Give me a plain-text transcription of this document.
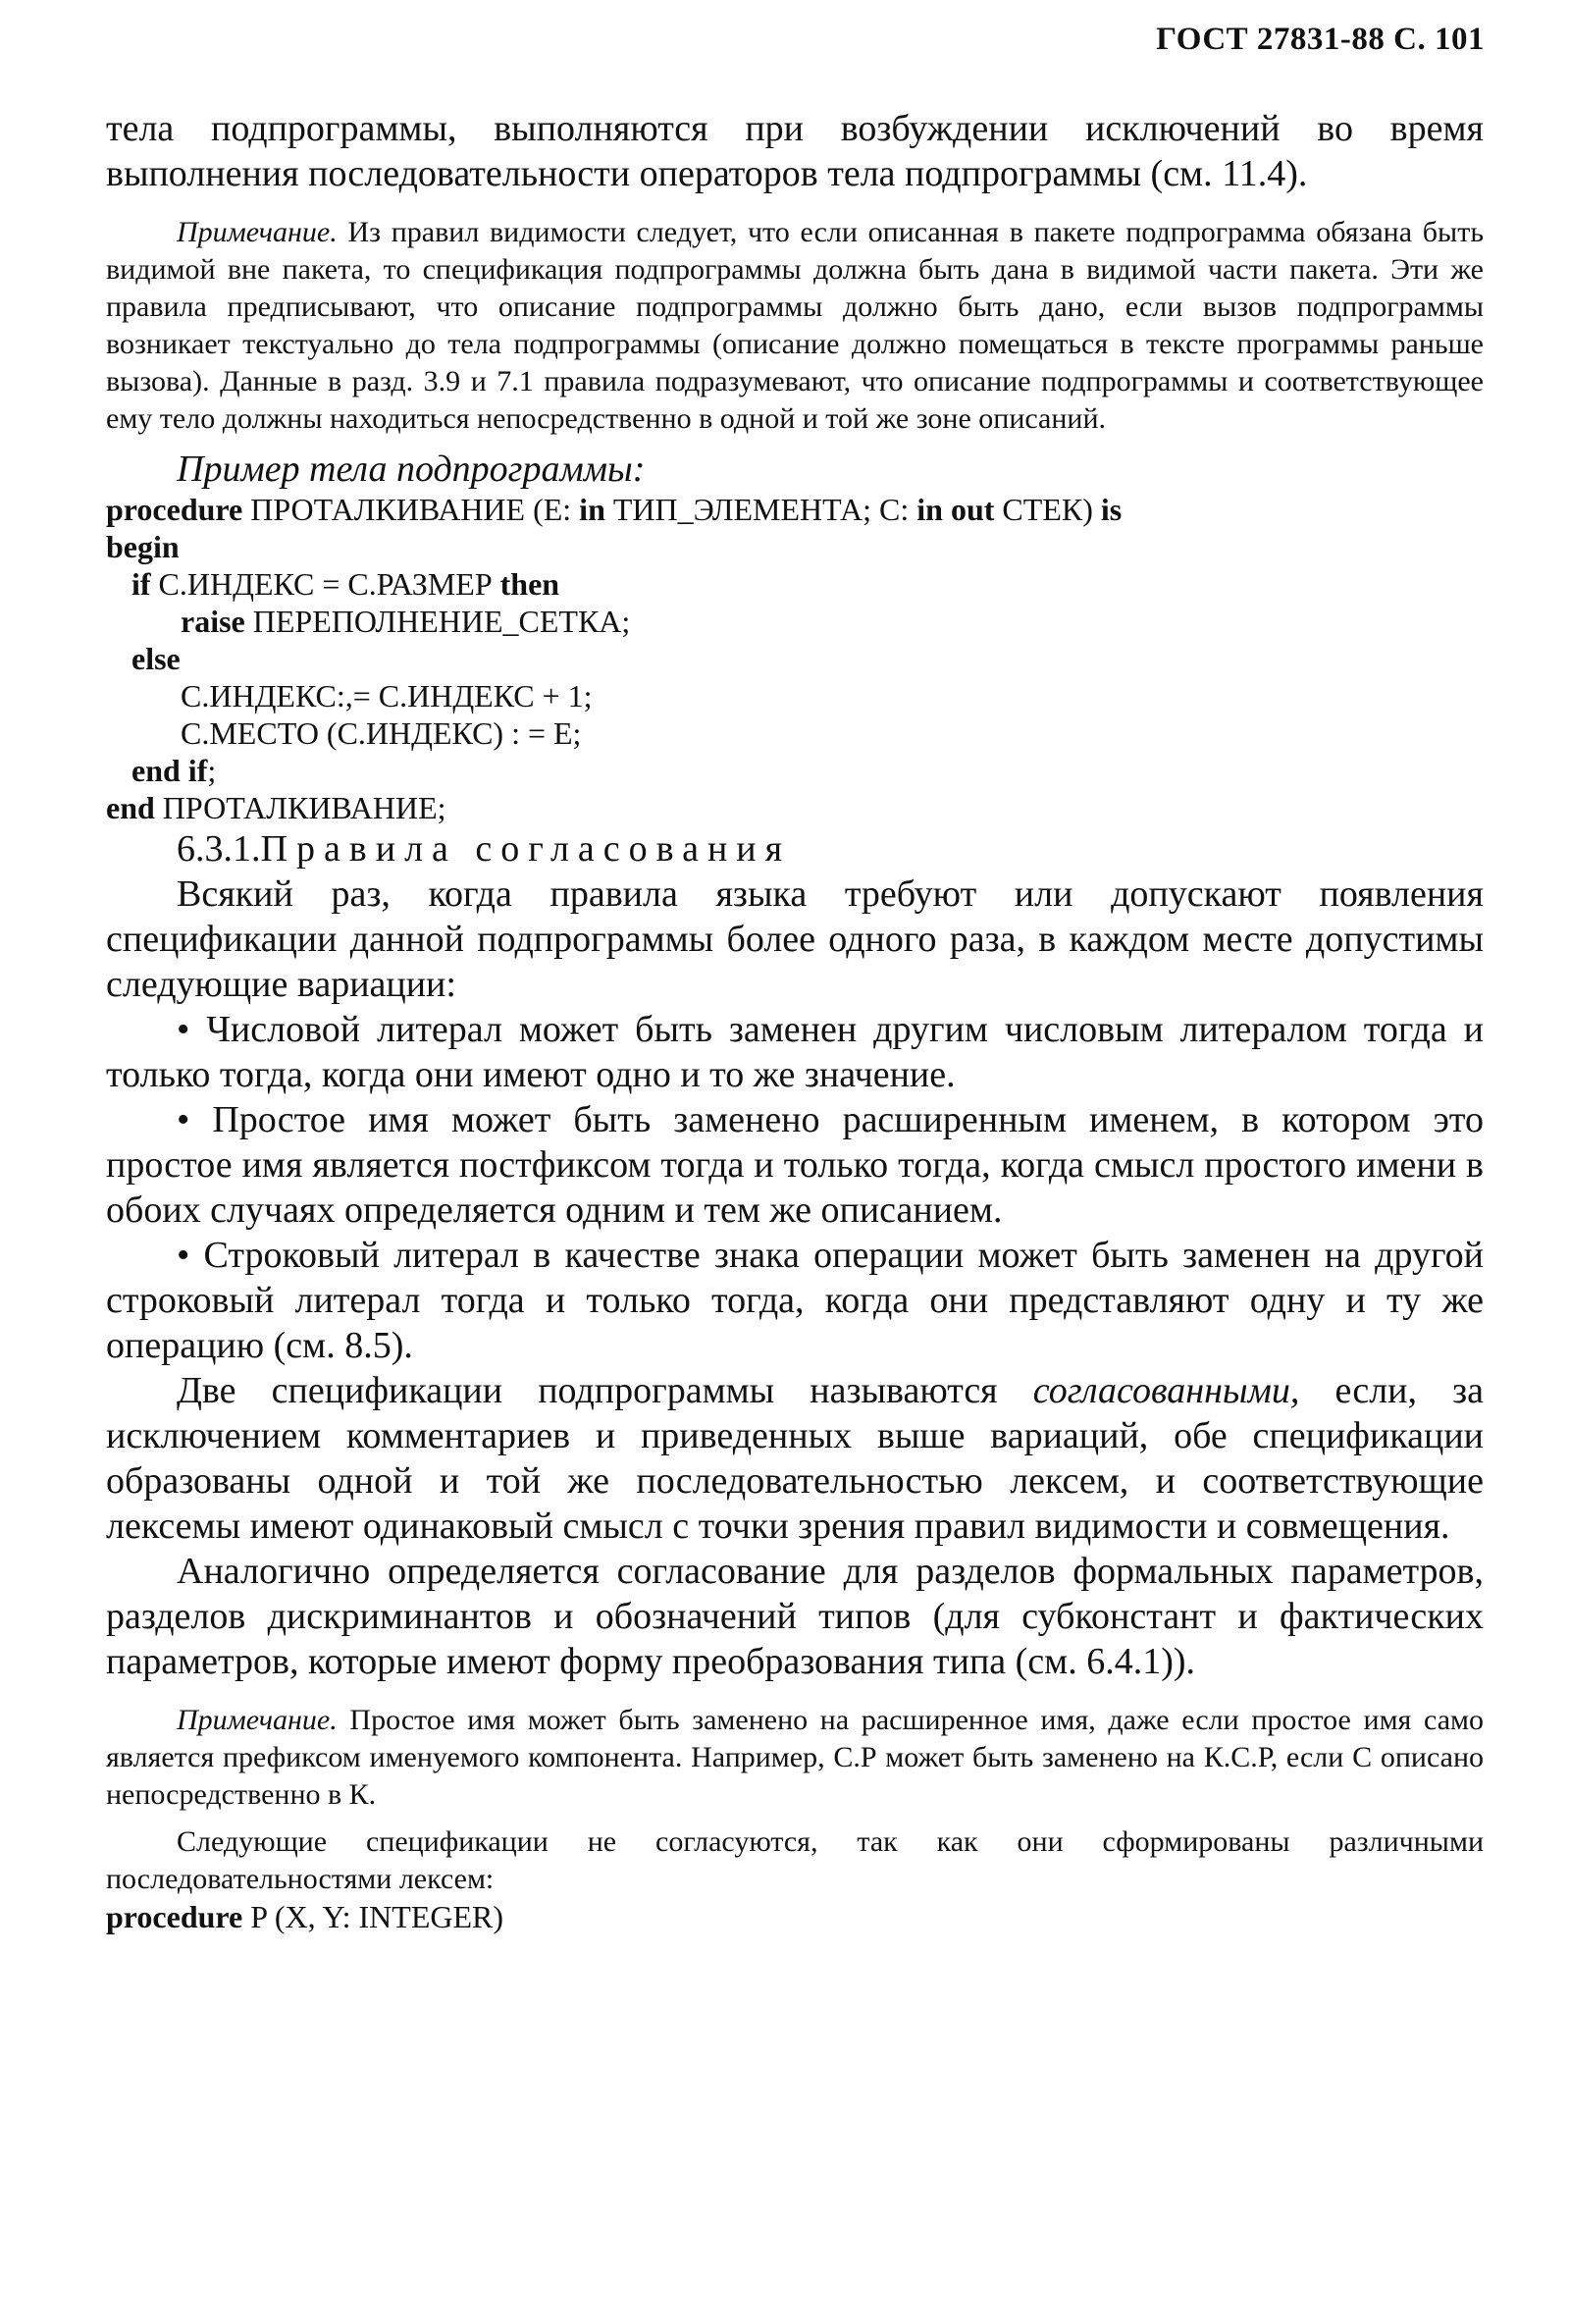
ГОСТ 27831-88 С. 101

тела подпрограммы, выполняются при возбуждении исключений во время выполнения последовательности операторов тела подпрограммы (см. 11.4).

Примечание. Из правил видимости следует, что если описанная в пакете подпрограмма обязана быть видимой вне пакета, то спецификация подпрограммы должна быть дана в видимой части пакета. Эти же правила предписывают, что описание подпрограммы должно быть дано, если вызов подпрограммы возникает текстуально до тела подпрограммы (описание должно помещаться в тексте программы раньше вызова). Данные в разд. 3.9 и 7.1 правила подразумевают, что описание подпрограммы и соответствующее ему тело должны находиться непосредственно в одной и той же зоне описаний.

Пример тела подпрограммы:

procedure ПРОТАЛКИВАНИЕ (E: in ТИП_ЭЛЕМЕНТА; C: in out СТЕК) is
begin
if С.ИНДЕКС = С.РАЗМЕР then
raise ПЕРЕПОЛНЕНИЕ_СЕТКА;
else
С.ИНДЕКС:,= С.ИНДЕКС + 1;
С.МЕСТО (С.ИНДЕКС) : = Е;
end if;
end ПРОТАЛКИВАНИЕ;

6.3.1.Правила согласования

Всякий раз, когда правила языка требуют или допускают появления спецификации данной подпрограммы более одного раза, в каждом месте допустимы следующие вариации:

• Числовой литерал может быть заменен другим числовым литералом тогда и только тогда, когда они имеют одно и то же значение.

• Простое имя может быть заменено расширенным именем, в котором это простое имя является постфиксом тогда и только тогда, когда смысл простого имени в обоих случаях определяется одним и тем же описанием.

• Строковый литерал в качестве знака операции может быть заменен на другой строковый литерал тогда и только тогда, когда они представляют одну и ту же операцию (см. 8.5).

Две спецификации подпрограммы называются согласованными, если, за исключением комментариев и приведенных выше вариаций, обе спецификации образованы одной и той же последовательностью лексем, и соответствующие лексемы имеют одинаковый смысл с точки зрения правил видимости и совмещения.

Аналогично определяется согласование для разделов формальных параметров, разделов дискриминантов и обозначений типов (для субконстант и фактических параметров, которые имеют форму преобразования типа (см. 6.4.1)).

Примечание. Простое имя может быть заменено на расширенное имя, даже если простое имя само является префиксом именуемого компонента. Например, С.Р может быть заменено на К.С.Р, если С описано непосредственно в К.

Следующие спецификации не согласуются, так как они сформированы различными последовательностями лексем:

procedure P (X, Y: INTEGER)
